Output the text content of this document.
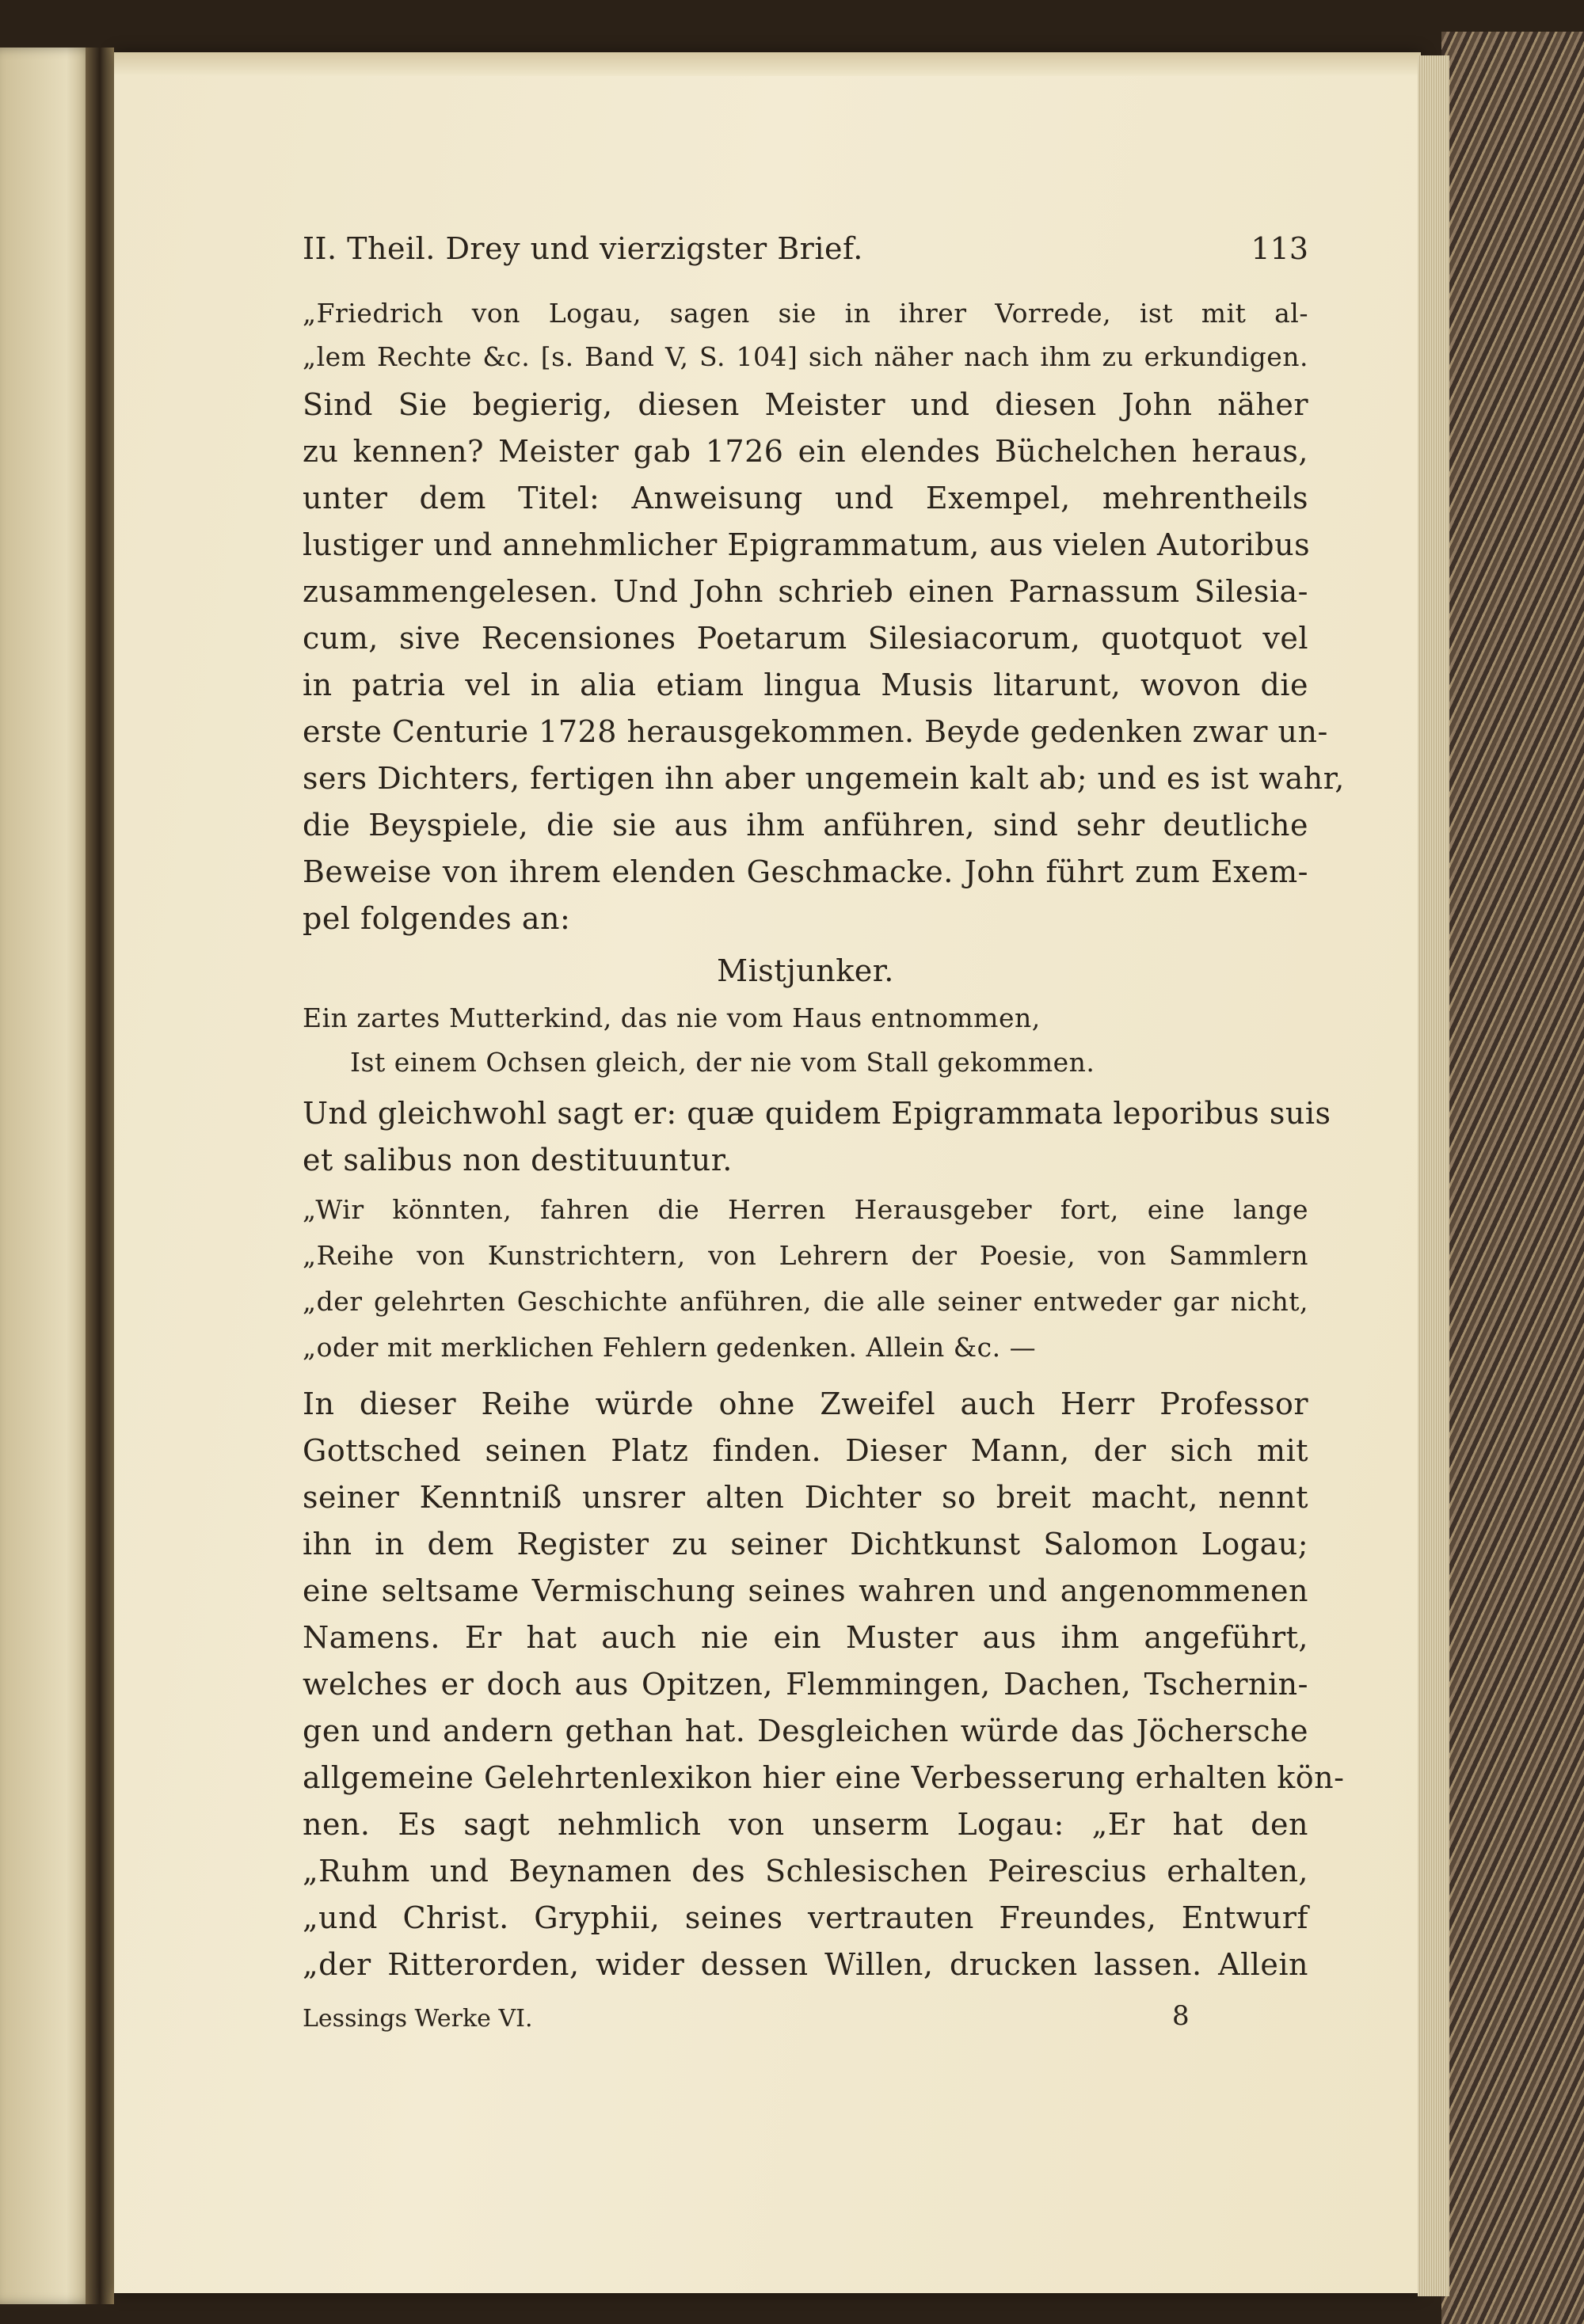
II. Theil. Drey und vierzigster Brief.	113
„Friedrich von Logau, sagen sie in ihrer Vorrede, ist mit al-
„lem Rechte &c. [s. Band V, S. 104] sich näher nach ihm zu erkundigen.
Sind Sie begierig, diesen Meister und diesen John näher
zu kennen? Meister gab 1726 ein elendes Büchelchen heraus,
unter dem Titel: Anweisung und Exempel, mehrentheils
lustiger und annehmlicher Epigrammatum, aus vielen Autoribus
zusammengelesen. Und John schrieb einen Parnassum Silesia-
cum, sive Recensiones Poetarum Silesiacorum, quotquot vel
in patria vel in alia etiam lingua Musis litarunt, wovon die
erste Centurie 1728 herausgekommen. Beyde gedenken zwar un-
sers Dichters, fertigen ihn aber ungemein kalt ab; und es ist wahr,
die Beyspiele, die sie aus ihm anführen, sind sehr deutliche
Beweise von ihrem elenden Geschmacke. John führt zum Exem-
pel folgendes an:
Mistjunker.
Ein zartes Mutterkind, das nie vom Haus entnommen,
Ist einem Ochsen gleich, der nie vom Stall gekommen.
Und gleichwohl sagt er: quæ quidem Epigrammata leporibus suis
et salibus non destituuntur.
„Wir könnten, fahren die Herren Herausgeber fort, eine lange
„Reihe von Kunstrichtern, von Lehrern der Poesie, von Sammlern
„der gelehrten Geschichte anführen, die alle seiner entweder gar nicht,
„oder mit merklichen Fehlern gedenken. Allein &c. —
In dieser Reihe würde ohne Zweifel auch Herr Professor
Gottsched seinen Platz finden. Dieser Mann, der sich mit
seiner Kenntniß unsrer alten Dichter so breit macht, nennt
ihn in dem Register zu seiner Dichtkunst Salomon Logau;
eine seltsame Vermischung seines wahren und angenommenen
Namens. Er hat auch nie ein Muster aus ihm angeführt,
welches er doch aus Opitzen, Flemmingen, Dachen, Tschernin-
gen und andern gethan hat. Desgleichen würde das Jöchersche
allgemeine Gelehrtenlexikon hier eine Verbesserung erhalten kön-
nen. Es sagt nehmlich von unserm Logau: „Er hat den
„Ruhm und Beynamen des Schlesischen Peirescius erhalten,
„und Christ. Gryphii, seines vertrauten Freundes, Entwurf
„der Ritterorden, wider dessen Willen, drucken lassen. Allein
Lessings Werke VI.	8
